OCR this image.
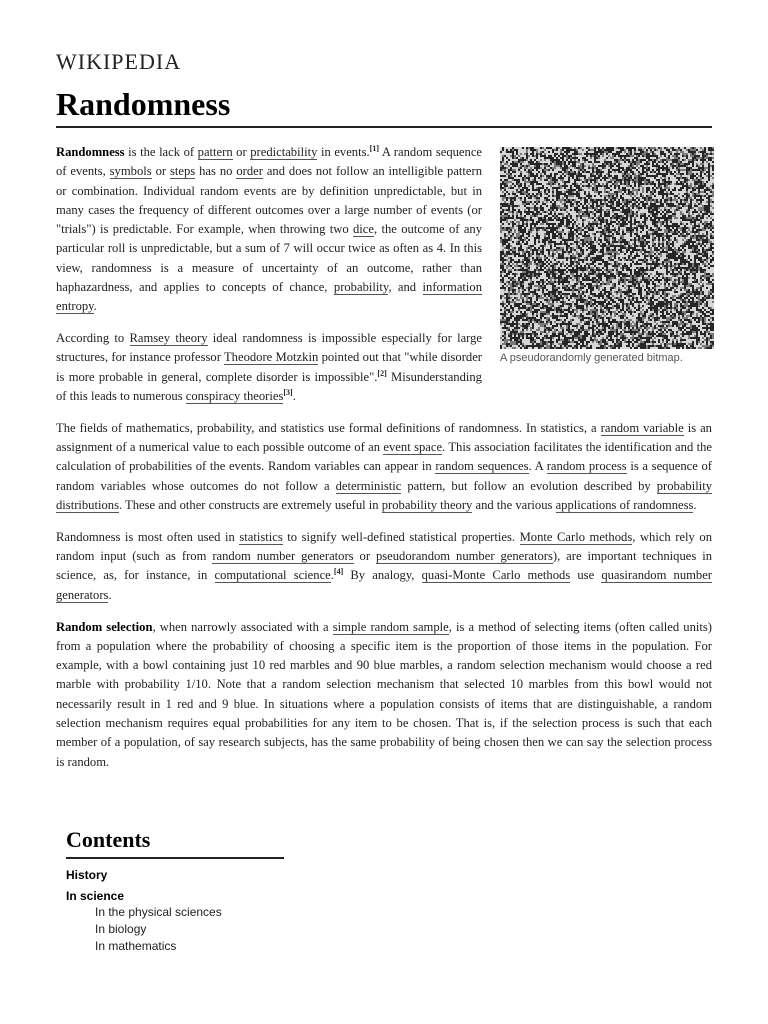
WIKIPEDIA
Randomness
A pseudorandomly generated bitmap.

Randomness is the lack of pattern or predictability in events.[1] A random sequence of events, symbols or steps has no order and does not follow an intelligible pattern or combination. Individual random events are by definition unpredictable, but in many cases the frequency of different outcomes over a large number of events (or "trials") is predictable. For example, when throwing two dice, the outcome of any particular roll is unpredictable, but a sum of 7 will occur twice as often as 4. In this view, randomness is a measure of uncertainty of an outcome, rather than haphazardness, and applies to concepts of chance, probability, and information entropy.

According to Ramsey theory ideal randomness is impossible especially for large structures, for instance professor Theodore Motzkin pointed out that "while disorder is more probable in general, complete disorder is impossible".[2] Misunderstanding of this leads to numerous conspiracy theories[3].

The fields of mathematics, probability, and statistics use formal definitions of randomness. In statistics, a random variable is an assignment of a numerical value to each possible outcome of an event space. This association facilitates the identification and the calculation of probabilities of the events. Random variables can appear in random sequences. A random process is a sequence of random variables whose outcomes do not follow a deterministic pattern, but follow an evolution described by probability distributions. These and other constructs are extremely useful in probability theory and the various applications of randomness.

Randomness is most often used in statistics to signify well-defined statistical properties. Monte Carlo methods, which rely on random input (such as from random number generators or pseudorandom number generators), are important techniques in science, as, for instance, in computational science.[4] By analogy, quasi-Monte Carlo methods use quasirandom number generators.

Random selection, when narrowly associated with a simple random sample, is a method of selecting items (often called units) from a population where the probability of choosing a specific item is the proportion of those items in the population. For example, with a bowl containing just 10 red marbles and 90 blue marbles, a random selection mechanism would choose a red marble with probability 1/10. Note that a random selection mechanism that selected 10 marbles from this bowl would not necessarily result in 1 red and 9 blue. In situations where a population consists of items that are distinguishable, a random selection mechanism requires equal probabilities for any item to be chosen. That is, if the selection process is such that each member of a population, of say research subjects, has the same probability of being chosen then we can say the selection process is random.

Contents
History
In science
In the physical sciences
In biology
In mathematics
